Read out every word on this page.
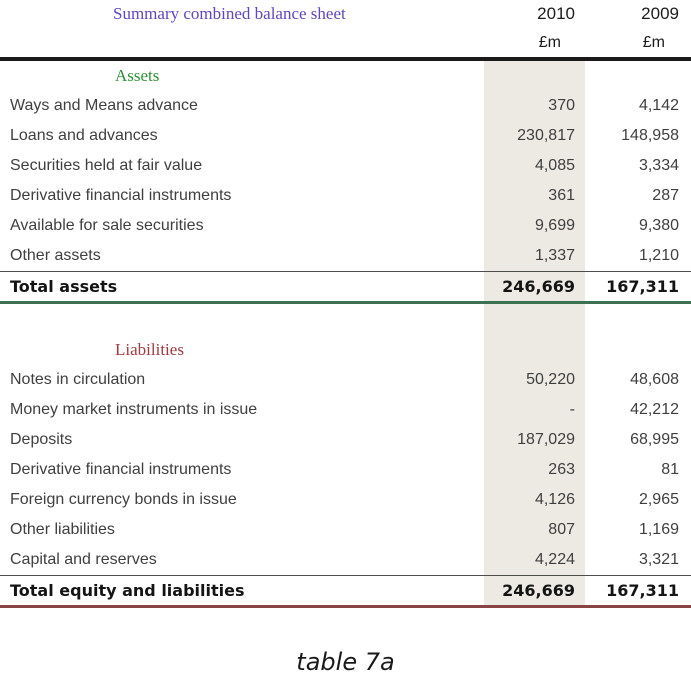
Summary combined balance sheet	2010	2009
£m	£m
Assets
Ways and Means advance	370	4,142
Loans and advances	230,817	148,958
Securities held at fair value	4,085	3,334
Derivative financial instruments	361	287
Available for sale securities	9,699	9,380
Other assets	1,337	1,210
Total assets	246,669	167,311
Liabilities
Notes in circulation	50,220	48,608
Money market instruments in issue	-	42,212
Deposits	187,029	68,995
Derivative financial instruments	263	81
Foreign currency bonds in issue	4,126	2,965
Other liabilities	807	1,169
Capital and reserves	4,224	3,321
Total equity and liabilities	246,669	167,311
table 7a
